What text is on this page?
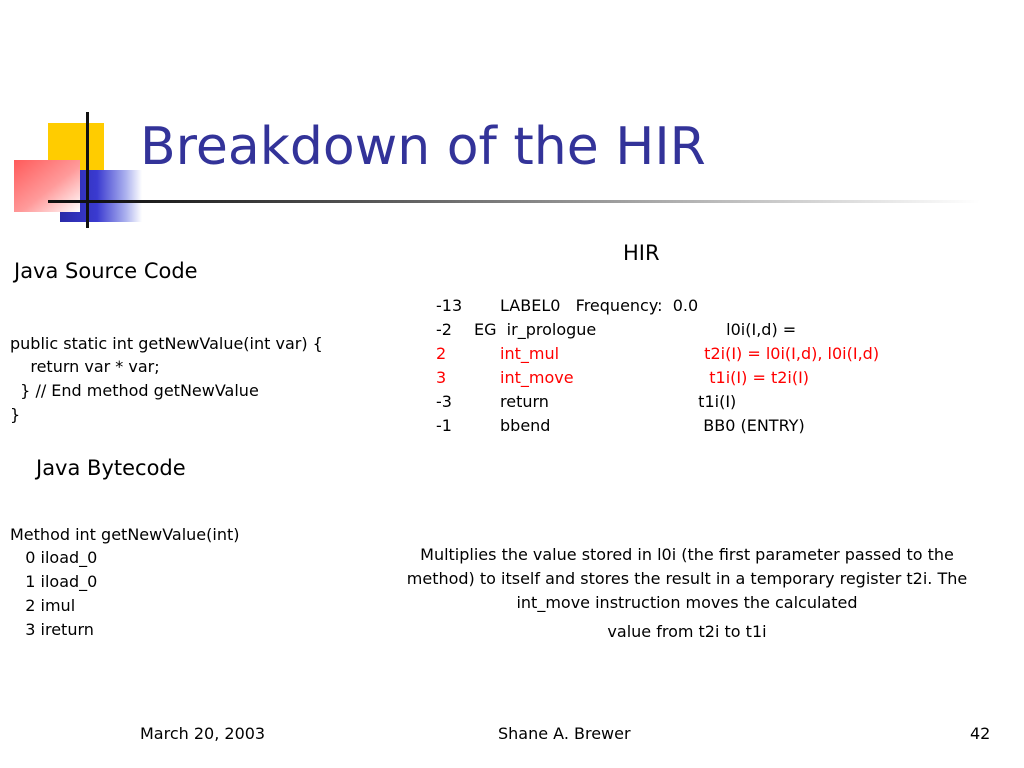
Breakdown of the HIR
Java Source Code
public static int getNewValue(int var) {
return var * var;
} // End method getNewValue
}
Java Bytecode
Method int getNewValue(int)
0 iload_0
1 iload_0
2 imul
3 ireturn
HIR
-13	LABEL0   Frequency:  0.0	
-2	EG  ir_prologue	l0i(I,d) =
2	int_mul	t2i(I) = l0i(I,d), l0i(I,d)
3	int_move	t1i(I) = t2i(I)
-3	return	t1i(I)
-1	bbend	BB0 (ENTRY)
Multiplies the value stored in l0i (the first parameter passed to the method) to itself and stores the result in a temporary register t2i. The int_move instruction moves the calculated
value from t2i to t1i
March 20, 2003	Shane A. Brewer	42
